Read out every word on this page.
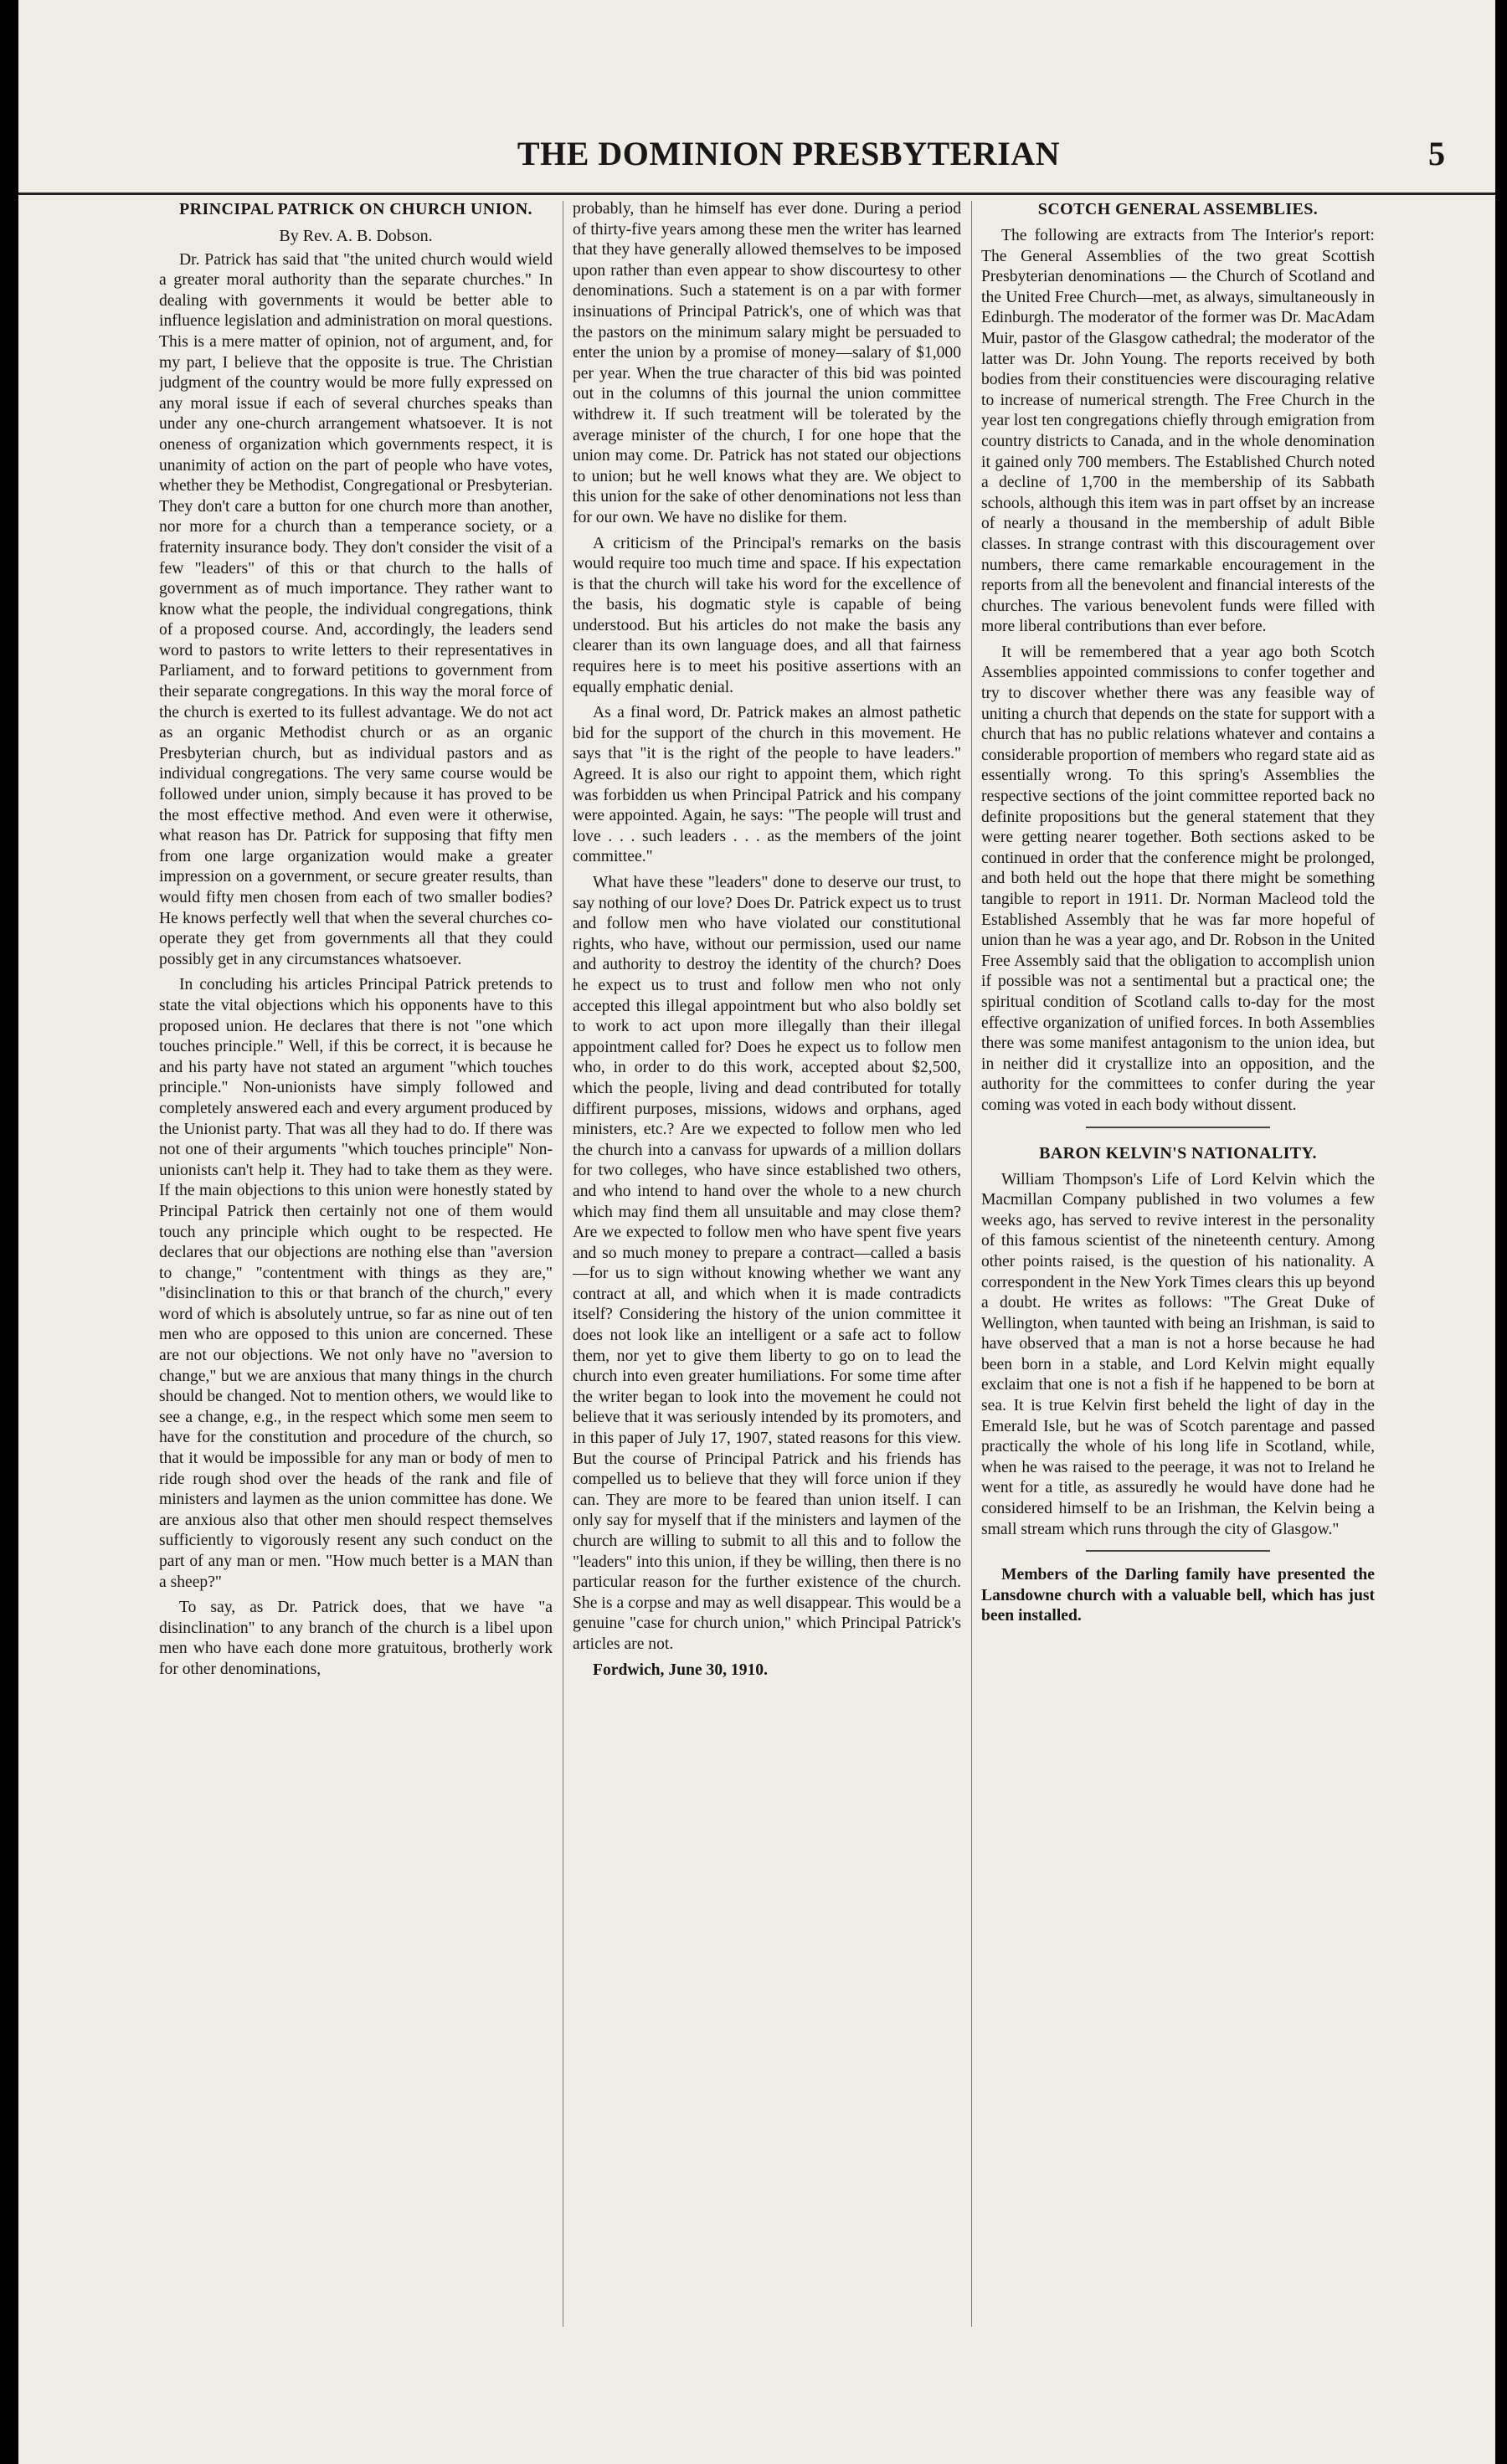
THE DOMINION PRESBYTERIAN	5
PRINCIPAL PATRICK ON CHURCH UNION.
By Rev. A. B. Dobson.

Dr. Patrick has said that "the united church would wield a greater moral authority than the separate churches." In dealing with governments it would be better able to influence legislation and administration on moral questions. This is a mere matter of opinion, not of argument, and, for my part, I believe that the opposite is true. The Christian judgment of the country would be more fully expressed on any moral issue if each of several churches speaks than under any one-church arrangement whatsoever. It is not oneness of organization which governments respect, it is unanimity of action on the part of people who have votes, whether they be Methodist, Congregational or Presbyterian. They don't care a button for one church more than another, nor more for a church than a temperance society, or a fraternity insurance body. They don't consider the visit of a few "leaders" of this or that church to the halls of government as of much importance. They rather want to know what the people, the individual congregations, think of a proposed course. And, accordingly, the leaders send word to pastors to write letters to their representatives in Parliament, and to forward petitions to government from their separate congregations. In this way the moral force of the church is exerted to its fullest advantage. We do not act as an organic Methodist church or as an organic Presbyterian church, but as individual pastors and as individual congregations. The very same course would be followed under union, simply because it has proved to be the most effective method. And even were it otherwise, what reason has Dr. Patrick for supposing that fifty men from one large organization would make a greater impression on a government, or secure greater results, than would fifty men chosen from each of two smaller bodies? He knows perfectly well that when the several churches co-operate they get from governments all that they could possibly get in any circumstances whatsoever.

In concluding his articles Principal Patrick pretends to state the vital objections which his opponents have to this proposed union. He declares that there is not "one which touches principle." Well, if this be correct, it is because he and his party have not stated an argument "which touches principle." Non-unionists have simply followed and completely answered each and every argument produced by the Unionist party. That was all they had to do. If there was not one of their arguments "which touches principle" Non-unionists can't help it. They had to take them as they were. If the main objections to this union were honestly stated by Principal Patrick then certainly not one of them would touch any principle which ought to be respected. He declares that our objections are nothing else than "aversion to change," "contentment with things as they are," "disinclination to this or that branch of the church," every word of which is absolutely untrue, so far as nine out of ten men who are opposed to this union are concerned. These are not our objections. We not only have no "aversion to change," but we are anxious that many things in the church should be changed. Not to mention others, we would like to see a change, e.g., in the respect which some men seem to have for the constitution and procedure of the church, so that it would be impossible for any man or body of men to ride rough shod over the heads of the rank and file of ministers and laymen as the union committee has done. We are anxious also that other men should respect themselves sufficiently to vigorously resent any such conduct on the part of any man or men. "How much better is a MAN than a sheep?"

To say, as Dr. Patrick does, that we have "a disinclination" to any branch of the church is a libel upon men who have each done more gratuitous, brotherly work for other denominations,

probably, than he himself has ever done. During a period of thirty-five years among these men the writer has learned that they have generally allowed themselves to be imposed upon rather than even appear to show discourtesy to other denominations. Such a statement is on a par with former insinuations of Principal Patrick's, one of which was that the pastors on the minimum salary might be persuaded to enter the union by a promise of money—salary of $1,000 per year. When the true character of this bid was pointed out in the columns of this journal the union committee withdrew it. If such treatment will be tolerated by the average minister of the church, I for one hope that the union may come. Dr. Patrick has not stated our objections to union; but he well knows what they are. We object to this union for the sake of other denominations not less than for our own. We have no dislike for them.

A criticism of the Principal's remarks on the basis would require too much time and space. If his expectation is that the church will take his word for the excellence of the basis, his dogmatic style is capable of being understood. But his articles do not make the basis any clearer than its own language does, and all that fairness requires here is to meet his positive assertions with an equally emphatic denial.

As a final word, Dr. Patrick makes an almost pathetic bid for the support of the church in this movement. He says that "it is the right of the people to have leaders." Agreed. It is also our right to appoint them, which right was forbidden us when Principal Patrick and his company were appointed. Again, he says: "The people will trust and love . . . such leaders . . . as the members of the joint committee."

What have these "leaders" done to deserve our trust, to say nothing of our love? Does Dr. Patrick expect us to trust and follow men who have violated our constitutional rights, who have, without our permission, used our name and authority to destroy the identity of the church? Does he expect us to trust and follow men who not only accepted this illegal appointment but who also boldly set to work to act upon more illegally than their illegal appointment called for? Does he expect us to follow men who, in order to do this work, accepted about $2,500, which the people, living and dead contributed for totally diffirent purposes, missions, widows and orphans, aged ministers, etc.? Are we expected to follow men who led the church into a canvass for upwards of a million dollars for two colleges, who have since established two others, and who intend to hand over the whole to a new church which may find them all unsuitable and may close them? Are we expected to follow men who have spent five years and so much money to prepare a contract—called a basis—for us to sign without knowing whether we want any contract at all, and which when it is made contradicts itself? Considering the history of the union committee it does not look like an intelligent or a safe act to follow them, nor yet to give them liberty to go on to lead the church into even greater humiliations. For some time after the writer began to look into the movement he could not believe that it was seriously intended by its promoters, and in this paper of July 17, 1907, stated reasons for this view. But the course of Principal Patrick and his friends has compelled us to believe that they will force union if they can. They are more to be feared than union itself. I can only say for myself that if the ministers and laymen of the church are willing to submit to all this and to follow the "leaders" into this union, if they be willing, then there is no particular reason for the further existence of the church. She is a corpse and may as well disappear. This would be a genuine "case for church union," which Principal Patrick's articles are not.

Fordwich, June 30, 1910.

SCOTCH GENERAL ASSEMBLIES.

The following are extracts from The Interior's report: The General Assemblies of the two great Scottish Presbyterian denominations — the Church of Scotland and the United Free Church—met, as always, simultaneously in Edinburgh. The moderator of the former was Dr. MacAdam Muir, pastor of the Glasgow cathedral; the moderator of the latter was Dr. John Young. The reports received by both bodies from their constituencies were discouraging relative to increase of numerical strength. The Free Church in the year lost ten congregations chiefly through emigration from country districts to Canada, and in the whole denomination it gained only 700 members. The Established Church noted a decline of 1,700 in the membership of its Sabbath schools, although this item was in part offset by an increase of nearly a thousand in the membership of adult Bible classes. In strange contrast with this discouragement over numbers, there came remarkable encouragement in the reports from all the benevolent and financial interests of the churches. The various benevolent funds were filled with more liberal contributions than ever before.

It will be remembered that a year ago both Scotch Assemblies appointed commissions to confer together and try to discover whether there was any feasible way of uniting a church that depends on the state for support with a church that has no public relations whatever and contains a considerable proportion of members who regard state aid as essentially wrong. To this spring's Assemblies the respective sections of the joint committee reported back no definite propositions but the general statement that they were getting nearer together. Both sections asked to be continued in order that the conference might be prolonged, and both held out the hope that there might be something tangible to report in 1911. Dr. Norman Macleod told the Established Assembly that he was far more hopeful of union than he was a year ago, and Dr. Robson in the United Free Assembly said that the obligation to accomplish union if possible was not a sentimental but a practical one; the spiritual condition of Scotland calls to-day for the most effective organization of unified forces. In both Assemblies there was some manifest antagonism to the union idea, but in neither did it crystallize into an opposition, and the authority for the committees to confer during the year coming was voted in each body without dissent.

BARON KELVIN'S NATIONALITY.

William Thompson's Life of Lord Kelvin which the Macmillan Company published in two volumes a few weeks ago, has served to revive interest in the personality of this famous scientist of the nineteenth century. Among other points raised, is the question of his nationality. A correspondent in the New York Times clears this up beyond a doubt. He writes as follows: "The Great Duke of Wellington, when taunted with being an Irishman, is said to have observed that a man is not a horse because he had been born in a stable, and Lord Kelvin might equally exclaim that one is not a fish if he happened to be born at sea. It is true Kelvin first beheld the light of day in the Emerald Isle, but he was of Scotch parentage and passed practically the whole of his long life in Scotland, while, when he was raised to the peerage, it was not to Ireland he went for a title, as assuredly he would have done had he considered himself to be an Irishman, the Kelvin being a small stream which runs through the city of Glasgow."

Members of the Darling family have presented the Lansdowne church with a valuable bell, which has just been installed.
